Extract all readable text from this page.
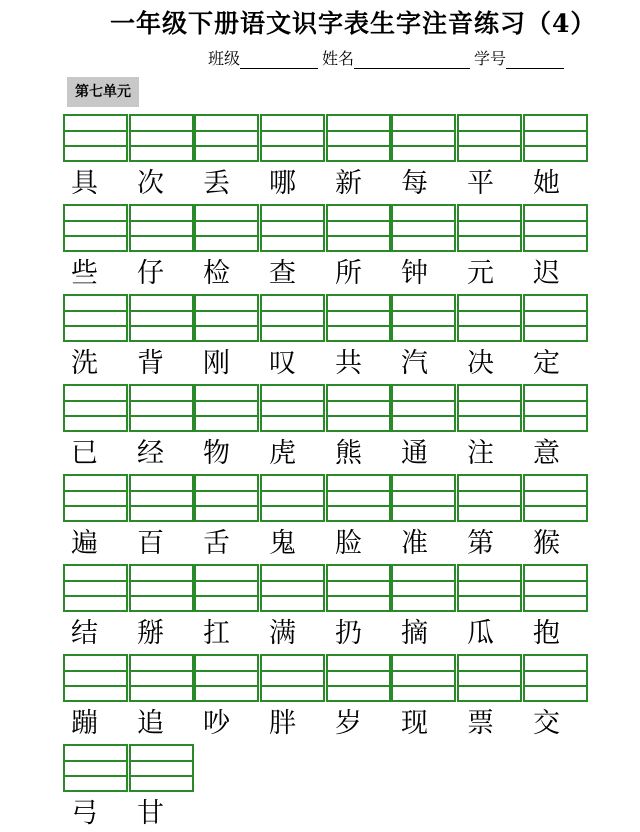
一年级下册语文识字表生字注音练习（4）
班级	姓名	学号
第七单元
具	次	丢	哪	新	每	平	她
些	仔	检	查	所	钟	元	迟
洗	背	刚	叹	共	汽	决	定
已	经	物	虎	熊	通	注	意
遍	百	舌	鬼	脸	准	第	猴
结	掰	扛	满	扔	摘	瓜	抱
蹦	追	吵	胖	岁	现	票	交
弓	甘
